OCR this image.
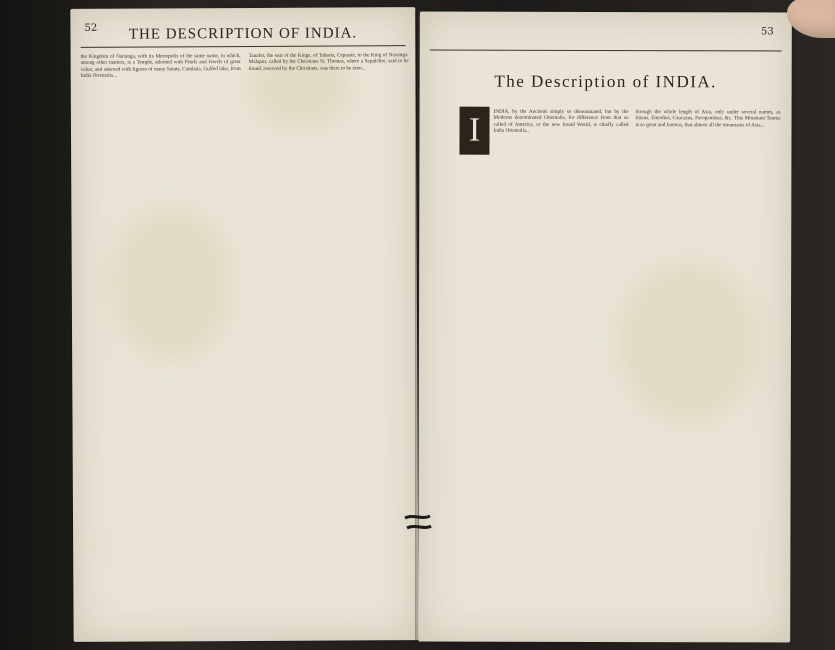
52	THE DESCRIPTION OF INDIA.
the Kingdom of Narsinga, with its Metropolis of the same name, in which, among other matters, is a Temple, adorned with Pearls and Jewels of great value; and adorned with figures of many Saints, Cambaia, Gulfed lake, from India Orientalis...
Tanafer, the seat of the Kings, of Tabarta, Cepasite, to the King of Narsinga. Malapur, called by the Christians St. Thomas, where a Sepulchre, said to be found, reserved by the Christians, was there to be seen...
53
The Description of INDIA.
I	INDIA, by the Ancients simply so denominated, but by the Moderns denominated Orientalis, for difference from that so called of America, or the new found World, is chiefly called India Orientalis...
through the whole length of Asia, only under several names, as Imaus, Emodius, Caucasus, Paropamisus, &c. This Mountain Taurus is so great and famous, that almost all the mountains of Asia...
